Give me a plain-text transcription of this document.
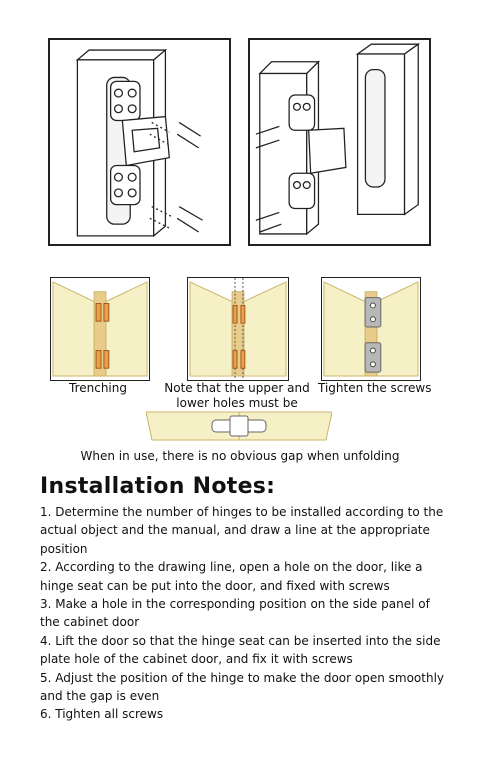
Trenching	Note that the upper and lower holes must be
Tighten the screws
When in use, there is no obvious gap when unfolding
Installation Notes:
1. Determine the number of hinges to be installed according to the actual object and the manual, and draw a line at the appropriate position
2. According to the drawing line, open a hole on the door, like a hinge seat can be put into the door, and fixed with screws
3. Make a hole in the corresponding position on the side panel of the cabinet door
4. Lift the door so that the hinge seat can be inserted into the side plate hole of the cabinet door, and fix it with screws
5. Adjust the position of the hinge to make the door open smoothly and the gap is even
6. Tighten all screws
